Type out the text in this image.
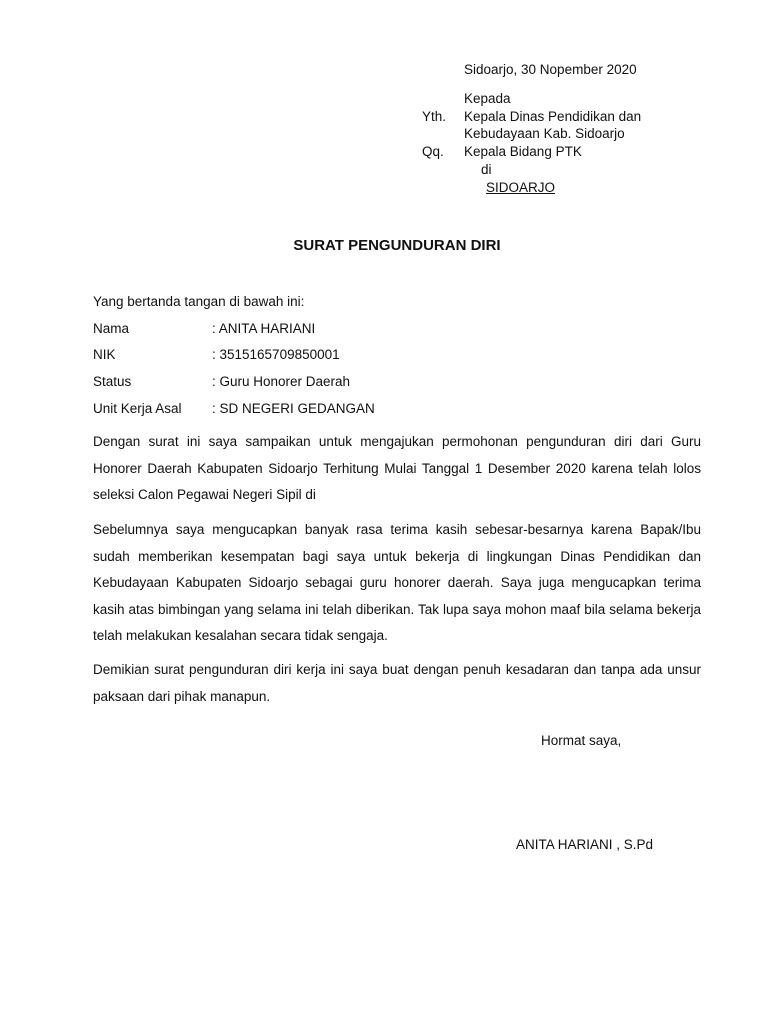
Sidoarjo, 30 Nopember 2020
Kepada
Yth. Kepala Dinas Pendidikan dan
Kebudayaan Kab. Sidoarjo
Qq. Kepala Bidang PTK
di
SIDOARJO
SURAT PENGUNDURAN DIRI
Yang bertanda tangan di bawah ini:
Nama	: ANITA HARIANI
NIK	: 3515165709850001
Status	: Guru Honorer Daerah
Unit Kerja Asal : SD NEGERI GEDANGAN
Dengan surat ini saya sampaikan untuk mengajukan permohonan pengunduran diri dari Guru Honorer Daerah Kabupaten Sidoarjo Terhitung Mulai Tanggal 1 Desember 2020 karena telah lolos seleksi Calon Pegawai Negeri Sipil di
Sebelumnya saya mengucapkan banyak rasa terima kasih sebesar-besarnya karena Bapak/Ibu sudah memberikan kesempatan bagi saya untuk bekerja di lingkungan Dinas Pendidikan dan Kebudayaan Kabupaten Sidoarjo sebagai guru honorer daerah. Saya juga mengucapkan terima kasih atas bimbingan yang selama ini telah diberikan. Tak lupa saya mohon maaf bila selama bekerja telah melakukan kesalahan secara tidak sengaja.
Demikian surat pengunduran diri kerja ini saya buat dengan penuh kesadaran dan tanpa ada unsur paksaan dari pihak manapun.
Hormat saya,
ANITA HARIANI , S.Pd
